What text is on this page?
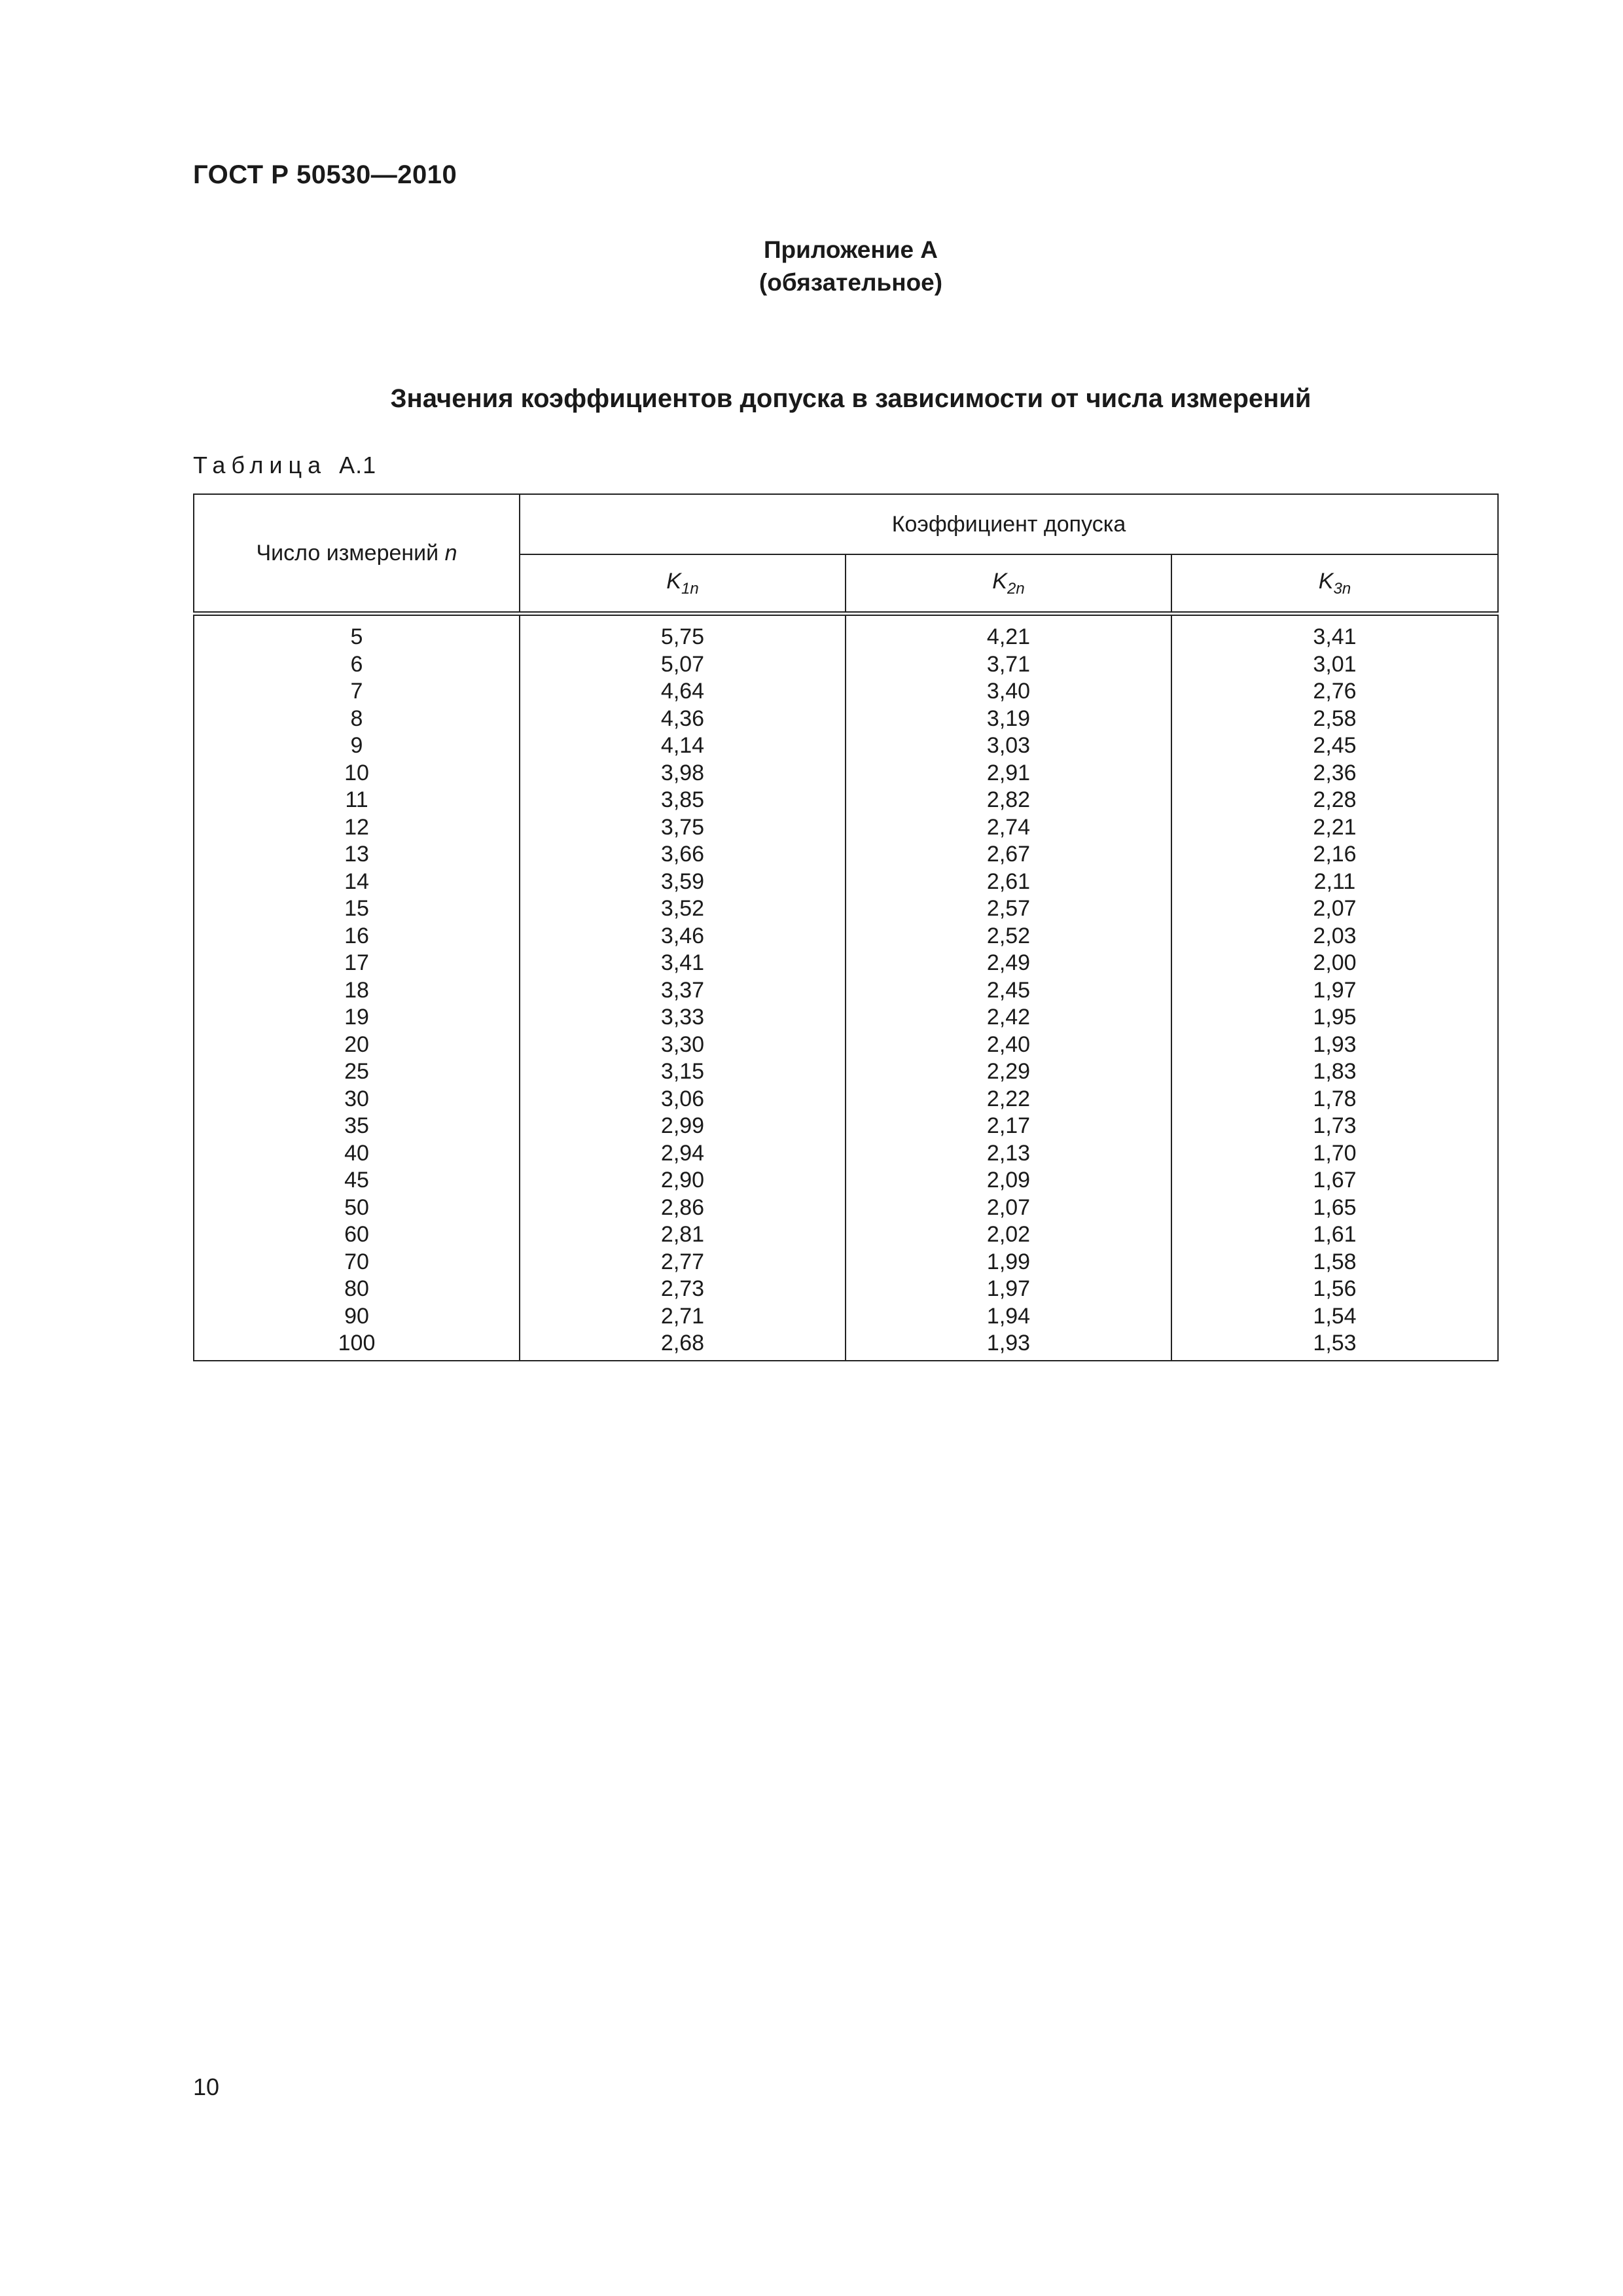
ГОСТ Р 50530—2010
Приложение А
(обязательное)
Значения коэффициентов допуска в зависимости от числа измерений
Таблица А.1
Число измерений n	Коэффициент допуска		
	$K_{1n}$	$K_{2n}$	$K_{3n}$
5	5,75	4,21	3,41
6	5,07	3,71	3,01
7	4,64	3,40	2,76
8	4,36	3,19	2,58
9	4,14	3,03	2,45
10	3,98	2,91	2,36
11	3,85	2,82	2,28
12	3,75	2,74	2,21
13	3,66	2,67	2,16
14	3,59	2,61	2,11
15	3,52	2,57	2,07
16	3,46	2,52	2,03
17	3,41	2,49	2,00
18	3,37	2,45	1,97
19	3,33	2,42	1,95
20	3,30	2,40	1,93
25	3,15	2,29	1,83
30	3,06	2,22	1,78
35	2,99	2,17	1,73
40	2,94	2,13	1,70
45	2,90	2,09	1,67
50	2,86	2,07	1,65
60	2,81	2,02	1,61
70	2,77	1,99	1,58
80	2,73	1,97	1,56
90	2,71	1,94	1,54
100	2,68	1,93	1,53
10
